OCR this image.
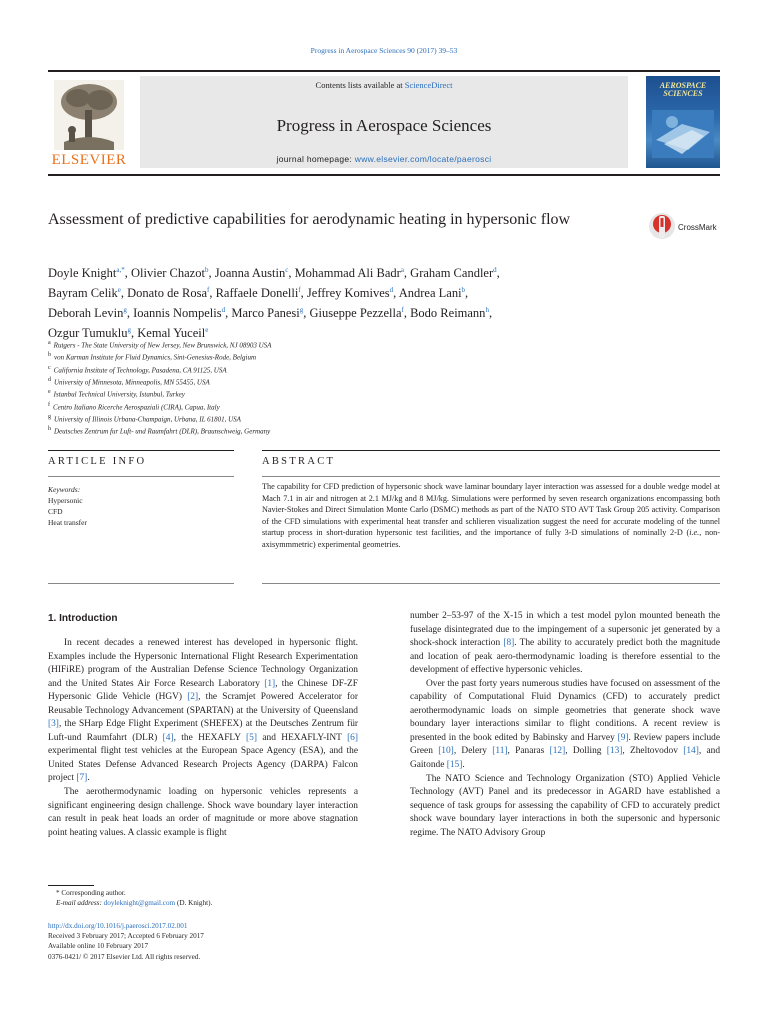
Progress in Aerospace Sciences 90 (2017) 39–53
ELSEVIER
Contents lists available at ScienceDirect
Progress in Aerospace Sciences
journal homepage: www.elsevier.com/locate/paerosci
AEROSPACE
SCIENCES
Assessment of predictive capabilities for aerodynamic heating in hypersonic flow	CrossMark
Doyle Knight$^{a,*}$, Olivier Chazot$^b$, Joanna Austin$^c$, Mohammad Ali Badr$^a$, Graham Candler$^d$,
Bayram Celik$^e$, Donato de Rosa$^f$, Raffaele Donelli$^f$, Jeffrey Komives$^d$, Andrea Lani$^b$,
Deborah Levin$^g$, Ioannis Nompelis$^d$, Marco Panesi$^g$, Giuseppe Pezzella$^f$, Bodo Reimann$^h$,
Ozgur Tumuklu$^g$, Kemal Yuceil$^e$
$^a$ Rutgers - The State University of New Jersey, New Brunswick, NJ 08903 USA
$^b$ von Karman Institute for Fluid Dynamics, Sint-Genesius-Rode, Belgium
$^c$ California Institute of Technology, Pasadena, CA 91125, USA
$^d$ University of Minnesota, Minneapolis, MN 55455, USA
$^e$ Istanbul Technical University, Istanbul, Turkey
$^f$ Centro Italiano Ricerche Aerospaziali (CIRA), Capua, Italy
$^g$ University of Illinois Urbana-Champaign, Urbana, IL 61801, USA
$^h$ Deutsches Zentrum fur Luft- und Raumfahrt (DLR), Braunschweig, Germany
ARTICLE INFO	ABSTRACT
Keywords:
Hypersonic
CFD
Heat transfer
The capability for CFD prediction of hypersonic shock wave laminar boundary layer interaction was assessed for a double wedge model at Mach 7.1 in air and nitrogen at 2.1 MJ/kg and 8 MJ/kg. Simulations were performed by seven research organizations encompassing both Navier-Stokes and Direct Simulation Monte Carlo (DSMC) methods as part of the NATO STO AVT Task Group 205 activity. Comparison of the CFD simulations with experimental heat transfer and schlieren visualization suggest the need for accurate modeling of the tunnel startup process in short-duration hypersonic test facilities, and the importance of fully 3-D simulations of nominally 2-D (i.e., non-axisymmmetric) experimental geometries.
1. Introduction

In recent decades a renewed interest has developed in hypersonic flight. Examples include the Hypersonic International Flight Research Experimentation (HIFiRE) program of the Australian Defense Science Technology Organization and the United States Air Force Research Laboratory [1], the Chinese DF-ZF Hypersonic Glide Vehicle (HGV) [2], the Scramjet Powered Accelerator for Reusable Technology Advancement (SPARTAN) at the University of Queensland [3], the SHarp Edge Flight Experiment (SHEFEX) at the Deutsches Zentrum für Luft-und Raumfahrt (DLR) [4], the HEXAFLY [5] and HEXAFLY-INT [6] experimental flight test vehicles at the European Space Agency (ESA), and the United States Defense Advanced Research Projects Agency (DARPA) Falcon project [7].

The aerothermodynamic loading on hypersonic vehicles represents a significant engineering design challenge. Shock wave boundary layer interaction can result in peak heat loads an order of magnitude or more above stagnation point heating values. A classic example is flight

number 2–53-97 of the X-15 in which a test model pylon mounted beneath the fuselage disintegrated due to the impingement of a supersonic jet generated by a shock-shock interaction [8]. The ability to accurately predict both the magnitude and location of peak aero-thermodynamic loading is therefore essential to the development of effective hypersonic vehicles.

Over the past forty years numerous studies have focused on assessment of the capability of Computational Fluid Dynamics (CFD) to accurately predict aerothermodynamic loads on simple geometries that generate shock wave boundary layer interactions similar to flight conditions. A recent review is presented in the book edited by Babinsky and Harvey [9]. Review papers include Green [10], Delery [11], Panaras [12], Dolling [13], Zheltovodov [14], and Gaitonde [15].

The NATO Science and Technology Organization (STO) Applied Vehicle Technology (AVT) Panel and its predecessor in AGARD have established a sequence of task groups for assessing the capability of CFD to accurately predict shock wave boundary layer interactions in both the supersonic and hypersonic regime. The NATO Advisory Group

* Corresponding author.
E-mail address: doyleknight@gmail.com (D. Knight).
http://dx.doi.org/10.1016/j.paerosci.2017.02.001
Received 3 February 2017; Accepted 6 February 2017
Available online 10 February 2017
0376-0421/ © 2017 Elsevier Ltd. All rights reserved.
